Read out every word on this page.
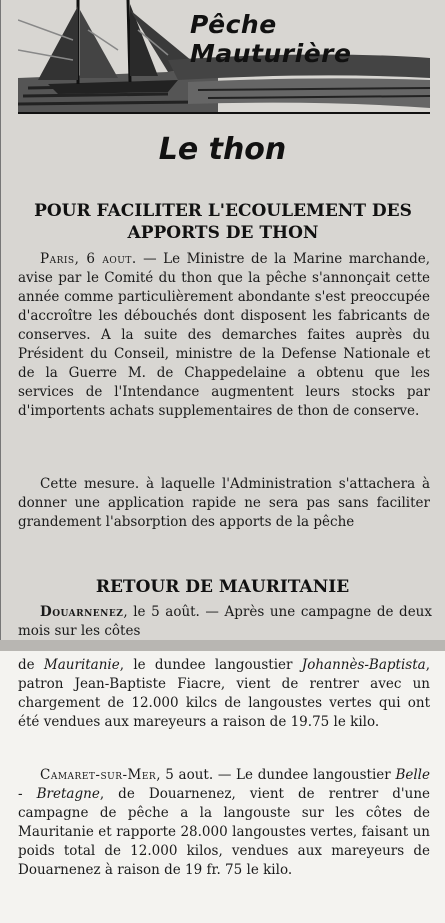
Pêche Mauturière
Le thon
POUR FACILITER L'ECOULEMENT DES APPORTS DE THON
Paris, 6 aout. — Le Ministre de la Marine marchande, avise par le Comité du thon que la pêche s'annonçait cette année comme particulièrement abondante s'est preoccupée d'accroître les débouchés dont disposent les fabricants de conserves. A la suite des demarches faites auprès du Président du Conseil, ministre de la Defense Nationale et de la Guerre M. de Chappedelaine a obtenu que les services de l'Intendance augmentent leurs stocks par d'importents achats supplementaires de thon de conserve.
Cette mesure. à laquelle l'Administration s'attachera à donner une application rapide ne sera pas sans faciliter grandement l'absorption des apports de la pêche
RETOUR DE MAURITANIE
Douarnenez, le 5 août. — Après une campagne de deux mois sur les côtes
de Mauritanie, le dundee langoustier Johannès-Baptista, patron Jean-Baptiste Fiacre, vient de rentrer avec un chargement de 12.000 kilcs de langoustes vertes qui ont été vendues aux mareyeurs a raison de 19.75 le kilo.
Camaret-sur-Mer, 5 aout. — Le dundee langoustier Belle - Bretagne, de Douarnenez, vient de rentrer d'une campagne de pêche a la langouste sur les côtes de Mauritanie et rapporte 28.000 langoustes vertes, faisant un poids total de 12.000 kilos, vendues aux mareyeurs de Douarnenez à raison de 19 fr. 75 le kilo.
